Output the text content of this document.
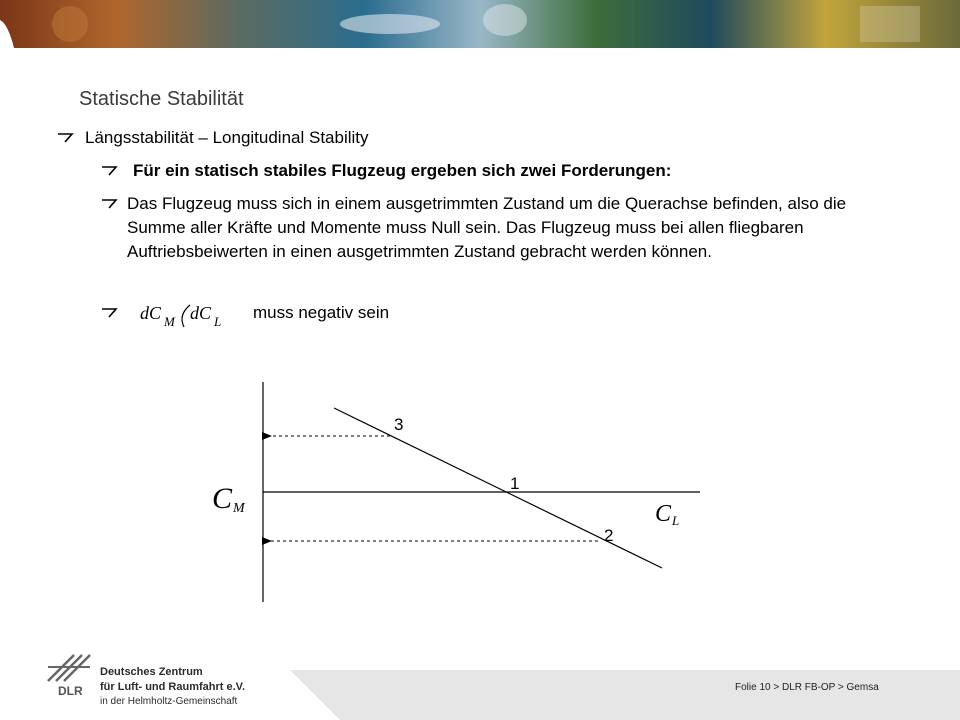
Statische Stabilität
Längsstabilität – Longitudinal Stability
Für ein statisch stabiles Flugzeug ergeben sich zwei Forderungen:
Das Flugzeug muss sich in einem ausgetrimmten Zustand um die Querachse befinden, also die Summe aller Kräfte und Momente muss Null sein. Das Flugzeug muss bei allen fliegbaren Auftriebsbeiwerten in einen ausgetrimmten Zustand gebracht werden können.
dC M dC L muss negativ sein
3
1
2
C M	C L
DLR
Deutsches Zentrum
für Luft- und Raumfahrt e.V.
in der Helmholtz-Gemeinschaft
Folie 10 > DLR FB-OP > Gemsa
